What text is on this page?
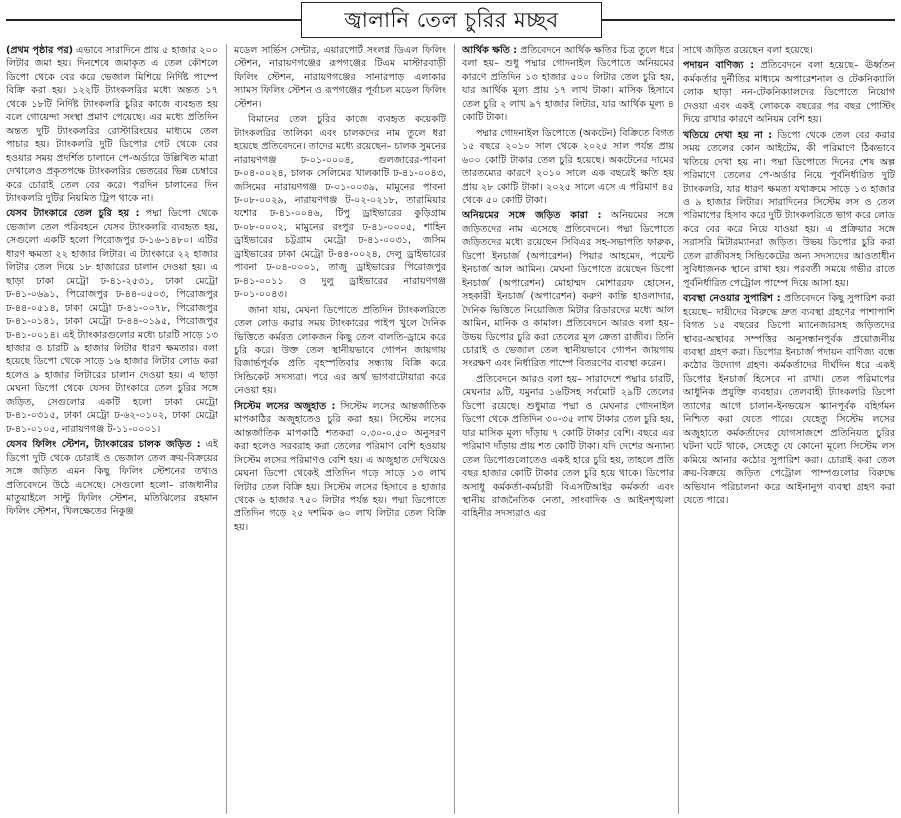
জ্বালানি তেল চুরির মচ্ছব

(প্রথম পৃষ্ঠার পর) এভাবে সারাদিনে প্রায় ৫ হাজার ২০০ লিটার জমা হয়। দিনশেষে জমাকৃত এ তেল কৌশলে ডিপো থেকে বের করে ভেজাল মিশিয়ে নির্দিষ্ট পাম্পে বিক্রি করা হয়। ১২২টি ট্যাংকলরির মধ্যে অন্তত ১৭ থেকে ১৮টি নির্দিষ্ট ট্যাংকলরি চুরির কাজে ব্যবহৃত হয় বলে গোয়েন্দা সংস্থা প্রমাণ পেয়েছে। এর মধ্যে প্রতিদিন অন্তত দুটি ট্যাংকলরির রোস্টারিংয়ের মাধ্যমে তেল পাচার হয়। ট্যাংকলরি দুটি ডিপোর গেট থেকে বের হওয়ার সময় প্রদর্শিত চালানে পে-অর্ডারে উল্লিখিত মাত্রা দেখালেও প্রকৃতপক্ষে ট্যাংকলরির ভেতরের ভিন্ন চেম্বারে করে চোরাই তেল বের করে। পরদিন চালানের দিন ট্যাংকলরি দুটির নিয়মিত ট্রিপ থাকে না।

যেসব ট্যাংকারে তেল চুরি হয় : পদ্মা ডিপো থেকে ভেজাল তেল পরিবহনে যেসব ট্যাংকলরি ব্যবহৃত হয়, সেগুলো একটি হলো পিরোজপুর ঢ-১৬-১৪৮০। এটির ধারণ ক্ষমতা ২২ হাজার লিটার। এ ট্যাংকারে ২২ হাজার লিটার তেল দিয়ে ১৮ হাজারের চালান দেওয়া হয়। এ ছাড়া ঢাকা মেট্রো ঢ-৪১-২৫৩১, ঢাকা মেট্রো ঢ-৪১-০৬৯১, পিরোজপুর ঢ-৪৪-০৫০৩, পিরোজপুর ঢ-৪৪-০৫১৪, ঢাকা মেট্রো ঢ-৪১-০০৭৮, পিরোজপুর ঢ-৪১-০১৪১, ঢাকা মেট্রো ঢ-৪৪-০১৯৫, পিরোজপুর ঢ-৪১-০০১৪। এই ট্যাংকারগুলোর মধ্যে চারটি সাড়ে ১৩ হাজার ও চারটি ৯ হাজার লিটার ধারণ ক্ষমতার। বলা হয়েছে ডিপো থেকে সাড়ে ১৬ হাজার লিটার লোড করা হলেও ৯ হাজার লিটারের চালান দেওয়া হয়। এ ছাড়া মেঘনা ডিপো থেকে যেসব ট্যাংকারে তেল চুরির সঙ্গে জড়িত, সেগুলোর একটি হলো ঢাকা মেট্রো ঢ-৪১-০৩১৫, ঢাকা মেট্রো ঢ-৬২-০১০২, ঢাকা মেট্রো ঢ-৪১-০১০৫, নারায়ণগঞ্জ ট-১১-০০০১।

যেসব ফিলিং স্টেশন, ট্যাংকারের চালক জড়িত : এই ডিপো দুটি থেকে চোরাই ও ভেজাল তেল ক্রয়-বিক্রয়ের সঙ্গে জড়িত এমন কিছু ফিলিং স্টেশনের তথ্যও প্রতিবেদনে উঠে এসেছে। সেগুলো হলো– রাজধানীর মাতুয়াইলে সান্টু ফিলিং স্টেশন, মতিঝিলের রহমান ফিলিং স্টেশন, খিলক্ষেতের নিকুঞ্জ

মডেল সার্ভিস সেন্টার, এয়ারপোর্ট সংলগ্ন ডিএল ফিলিং স্টেশন, নারায়ণগঞ্জের রূপগঞ্জের টিএম মাস্টারবাড়ী ফিলিং স্টেশন, নারায়ণগঞ্জের সানারপাড় এলাকার স্যামস ফিলিং স্টেশন ও রূপগঞ্জের পূর্বাচল মডেল ফিলিং স্টেশন।

বিমানের তেল চুরির কাজে ব্যবহৃত কয়েকটি ট্যাংকলরির তালিকা এবং চালকদের নাম তুলে ধরা হয়েছে প্রতিবেদনে। তাদের মধ্যে রয়েছেন– চালক সুমনের নারায়ণগঞ্জ ঢ-০১-০০০৪, গুলজারের-পাবনা ঢ-০৪-০০২৪, চালক সেলিমের খালকাটি ঢ-৪১-০০৪৩, জসিমের নারায়ণগঞ্জ ঢ-০১-০০৩৯, মামুনের পাবনা ঢ-০৮-০০২৯, নারায়ণগঞ্জ ট-০২-০২১৮, তারামিয়ার যশোর ঢ-৪১-০০৪৬, টিপু ড্রাইভারের কুড়িগ্রাম ঢ-০৮-০০০২, মামুনের রংপুর ঢ-৪১-০০০৫, শাহিন ড্রাইভারের চট্টগ্রাম মেট্রো ঢ-৪১-০০৩১, জসিম ড্রাইভারের ঢাকা মেট্রো ট-৪৪-০০২৪, দেলু ড্রাইভারের পাবনা ঢ-০৪-০০০১, তাজু ড্রাইভারের পিরোজপুর ঢ-৪১-০০১১ ও দুলু ড্রাইভারের নারায়ণগঞ্জ ঢ-০১-০০৪৩।

জানা যায়, মেঘনা ডিপোতে প্রতিদিন ট্যাংকলরিতে তেল লোড করার সময় ট্যাংকারের পাইপ খুলে দৈনিক ভিত্তিতে কর্মরত লোকজন কিছু তেল বালতি-ড্রামে করে চুরি করে। উক্ত তেল স্থানীয়ভাবে গোপন জায়গায় রিজার্ভপূর্বক প্রতি বৃহস্পতিবার সন্ধ্যায় বিক্রি করে সিন্ডিকেট সদস্যরা। পরে এর অর্থ ভাগবাটোয়ারা করে নেওয়া হয়।

সিস্টেম লসের অজুহাত : সিস্টেম লসের আন্তর্জাতিক মাপকাঠির অজুহাতেও চুরি করা হয়। সিস্টেম লসের আন্তর্জাতিক মাপকাঠি শতকরা ০.৩০-০.৫০ অনুসরণ করা হলেও সরবরাহ করা তেলের পরিমাণ বেশি হওয়ায় সিস্টেম লসের পরিমাণও বেশি হয়। এ অজুহাত দেখিয়েও মেঘনা ডিপো থেকেই প্রতিদিন গড়ে সাড়ে ১৩ লাখ লিটার তেল বিক্রি হয়। সিস্টেম লসের হিসাবে ৪ হাজার থেকে ৬ হাজার ৭৫০ লিটার পর্যন্ত হয়। পদ্মা ডিপোতে প্রতিদিন গড়ে ২৫ দশমিক ৬০ লাখ লিটার তেল বিক্রি হয়।

আর্থিক ক্ষতি : প্রতিবেদনে আর্থিক ক্ষতির চিত্র তুলে ধরে বলা হয়– শুধু পদ্মার গোদনাইল ডিপোতে অনিয়মের কারণে প্রতিদিন ১৩ হাজার ৫০০ লিটার তেল চুরি হয়, যার আর্থিক মূল্য প্রায় ১৭ লাখ টাকা। মাসিক হিসাবে তেল চুরি ২ লাখ ৯৭ হাজার লিটার, যার আর্থিক মূল্য ৪ কোটি টাকা।

পদ্মার গোদনাইল ডিপোতে (অকটেন) বিক্রিতে বিগত ১৫ বছরে ২০১০ সাল থেকে ২০২৫ সাল পর্যন্ত প্রায় ৬০০ কোটি টাকার তেল চুরি হয়েছে। অকটেনের দামের তারতম্যের কারণে ২০১০ সালে এক বছরেই ক্ষতি হয় প্রায় ২৮ কোটি টাকা। ২০২৫ সালে এসে এ পরিমাণ ৪৫ থেকে ৫০ কোটি টাকা।

অনিয়মের সঙ্গে জড়িত কারা : অনিয়মের সঙ্গে জড়িতদের নাম এসেছে প্রতিবেদনে। পদ্মা ডিপোতে জড়িতদের মধ্যে রয়েছেন সিবিএর সহ-সভাপতি ফারুক, ডিপো ইনচার্জ (অপারেশন) পিয়ার আহমেদ, পয়েন্ট ইনচার্জ আল আমিন। মেঘনা ডিপোতে রয়েছেন ডিপো ইনচার্জ (অপারেশন) মোহাম্মদ মোশাররফ হোসেন, সহকারী ইনচার্জ (অপারেশন) করুণ কান্তি হাওলাদার, দৈনিক ভিত্তিতে নিয়োজিত মিটার রিডারদের মধ্যে আল আমিন, মানিক ও কামাল। প্রতিবেদনে আরও বলা হয়– উভয় ডিপোর চুরি করা তেলের মূল ক্রেতা রাজীব। তিনি চোরাই ও ভেজাল তেল স্থানীয়ভাবে গোপন জায়গায় সংরক্ষণ এবং নির্ধারিত পাম্পে বিতরণের ব্যবস্থা করেন।

প্রতিবেদনে আরও বলা হয়– সারাদেশে পদ্মার চারটি, মেঘনার ৯টি, যমুনার ১৬টিসহ সর্বমোট ২৯টি তেলের ডিপো রয়েছে। শুধুমাত্র পদ্মা ও মেঘনার গোদনাইল ডিপো থেকে প্রতিদিন ৩০-৩৫ লাখ টাকার তেল চুরি হয়, যার মাসিক মূল্য দাঁড়ায় ৭ কোটি টাকার বেশি। বছরে এর পরিমাণ দাঁড়ায় প্রায় শত কোটি টাকা। যদি দেশের অন্যান্য তেল ডিপোগুলোতেও একই হারে চুরি হয়, তাহলে প্রতি বছর হাজার কোটি টাকার তেল চুরি হয়ে থাকে। ডিপোর অসাধু কর্মকর্তা-কর্মচারী বিএসটিআইর কর্মকর্তা এবং স্থানীয় রাজনৈতিক নেতা, সাংবাদিক ও আইনশৃঙ্খলা বাহিনীর সদস্যরাও এর

সাথে জড়িত রয়েছেন বলা হয়েছে।

পদায়ন বাণিজ্য : প্রতিবেদনে বলা হয়েছে– ঊর্ধ্বতন কর্মকর্তার দুর্নীতির মাধ্যমে অপারেশনাল ও টেকনিক্যালি লোক ছাড়া নন-টেকনিক্যালদের ডিপোতে নিয়োগ দেওয়া এবং একই লোককে বছরের পর বছর পোস্টিং দিয়ে রাখার কারণে অনিয়ম বেশি হয়।

খতিয়ে দেখা হয় না : ডিপো থেকে তেল বের করার সময় তেলের কোন আইটেম, কী পরিমাণে ঠিকভাবে খতিয়ে দেখা হয় না। পদ্মা ডিপোতে দিনের শেষ অল্প পরিমাণে তেলের পে-অর্ডার নিয়ে পূর্বনির্ধারিত দুটি ট্যাংকলরি, যার ধারণ ক্ষমতা যথাক্রমে সাড়ে ১৩ হাজার ও ৯ হাজার লিটার। সারাদিনের সিস্টেম লস ও তেল পরিমাপের হিসাব করে দুটি ট্যাংকলরিতে ভাগ করে লোড করে বের করে নিয়ে যাওয়া হয়। এ প্রক্রিয়ার সঙ্গে সরাসরি মিটারম্যানরা জড়িত। উভয় ডিপোর চুরি করা তেল রাজীবসহ সিন্ডিকেটের অন্য সদস্যদের আওতাধীন সুবিধাজনক স্থানে রাখা হয়। পরবর্তী সময়ে গভীর রাতে পূর্বনির্ধারিত পেট্রোল পাম্পে দিয়ে আসা হয়।

ব্যবস্থা নেওয়ার সুপারিশ : প্রতিবেদনে কিছু সুপারিশ করা হয়েছে– দায়ীদের বিরুদ্ধে দ্রুত ব্যবস্থা গ্রহণের পাশাপাশি বিগত ১৫ বছরের ডিপো ম্যানেজারসহ জড়িতদের স্থাবর-অস্থাবর সম্পত্তির অনুসন্ধানপূর্বক প্রয়োজনীয় ব্যবস্থা গ্রহণ করা। ডিপোর ইনচার্জ পদায়ন বাণিজ্য বন্ধে কঠোর উদ্যোগ গ্রহণ। কর্মকর্তাদের দীর্ঘদিন ধরে একই ডিপোর ইনচার্জ হিসেবে না রাখা। তেল পরিমাপের আধুনিক প্রযুক্তি ব্যবহার। তেলবাহী ট্যাংকলরি ডিপো ত্যাগের আগে চালান-ইনভয়েস স্ক্যানপূর্বক বহির্গমন নিশ্চিত করা যেতে পারে। যেহেতু সিস্টেম লসের অজুহাতে কর্মকর্তাদের যোগসাজশে প্রতিনিয়ত চুরির ঘটনা ঘটে থাকে, সেহেতু যে কোনো মূল্যে সিস্টেম লস কমিয়ে আনার কঠোর সুপারিশ করা। চোরাই করা তেল ক্রয়-বিক্রয়ে জড়িত পেট্রোল পাম্পগুলোর বিরুদ্ধে অভিযান পরিচালনা করে আইনানুগ ব্যবস্থা গ্রহণ করা যেতে পারে।
